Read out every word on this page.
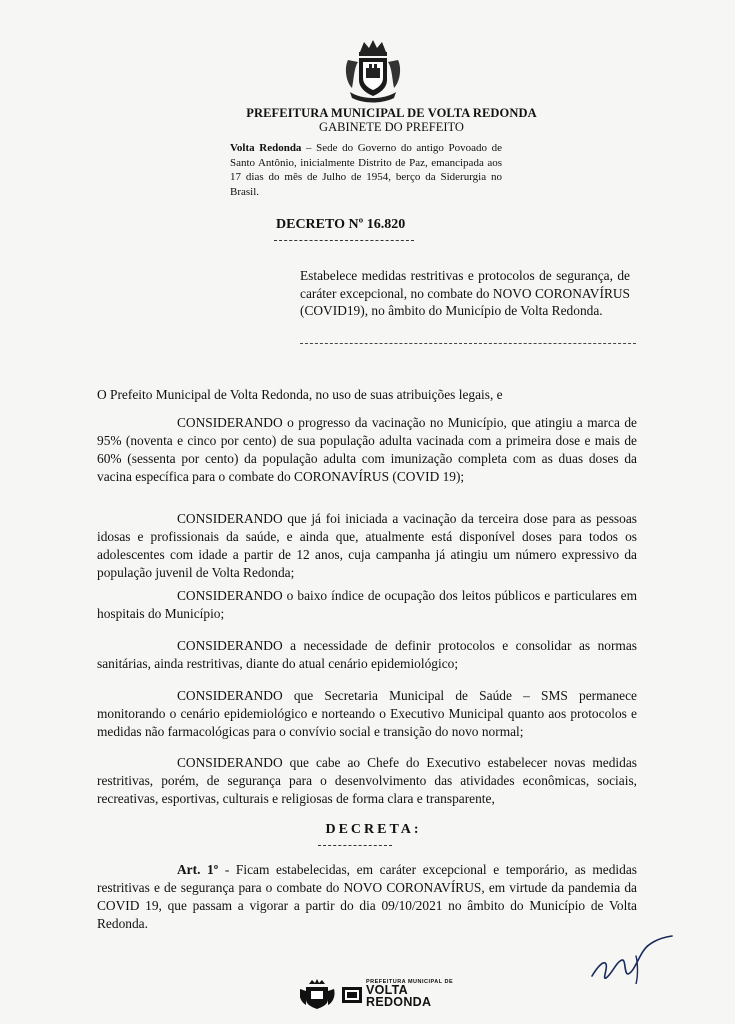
PREFEITURA MUNICIPAL DE VOLTA REDONDA
GABINETE DO PREFEITO
Volta Redonda – Sede do Governo do antigo Povoado de Santo Antônio, inicialmente Distrito de Paz, emancipada aos 17 dias do mês de Julho de 1954, berço da Siderurgia no Brasil.
DECRETO Nº 16.820
Estabelece medidas restritivas e protocolos de segurança, de caráter excepcional, no combate do NOVO CORONAVÍRUS (COVID19), no âmbito do Município de Volta Redonda.
O Prefeito Municipal de Volta Redonda, no uso de suas atribuições legais, e
CONSIDERANDO o progresso da vacinação no Município, que atingiu a marca de 95% (noventa e cinco por cento) de sua população adulta vacinada com a primeira dose e mais de 60% (sessenta por cento) da população adulta com imunização completa com as duas doses da vacina específica para o combate do CORONAVÍRUS (COVID 19);
CONSIDERANDO que já foi iniciada a vacinação da terceira dose para as pessoas idosas e profissionais da saúde, e ainda que, atualmente está disponível doses para todos os adolescentes com idade a partir de 12 anos, cuja campanha já atingiu um número expressivo da população juvenil de Volta Redonda;
CONSIDERANDO o baixo índice de ocupação dos leitos públicos e particulares em hospitais do Município;
CONSIDERANDO a necessidade de definir protocolos e consolidar as normas sanitárias, ainda restritivas, diante do atual cenário epidemiológico;
CONSIDERANDO que Secretaria Municipal de Saúde – SMS permanece monitorando o cenário epidemiológico e norteando o Executivo Municipal quanto aos protocolos e medidas não farmacológicas para o convívio social e transição do novo normal;
CONSIDERANDO que cabe ao Chefe do Executivo estabelecer novas medidas restritivas, porém, de segurança para o desenvolvimento das atividades econômicas, sociais, recreativas, esportivas, culturais e religiosas de forma clara e transparente,
DECRETA:
Art. 1º - Ficam estabelecidas, em caráter excepcional e temporário, as medidas restritivas e de segurança para o combate do NOVO CORONAVÍRUS, em virtude da pandemia da COVID 19, que passam a vigorar a partir do dia 09/10/2021 no âmbito do Município de Volta Redonda.
PREFEITURA MUNICIPAL DE
VOLTA
REDONDA
